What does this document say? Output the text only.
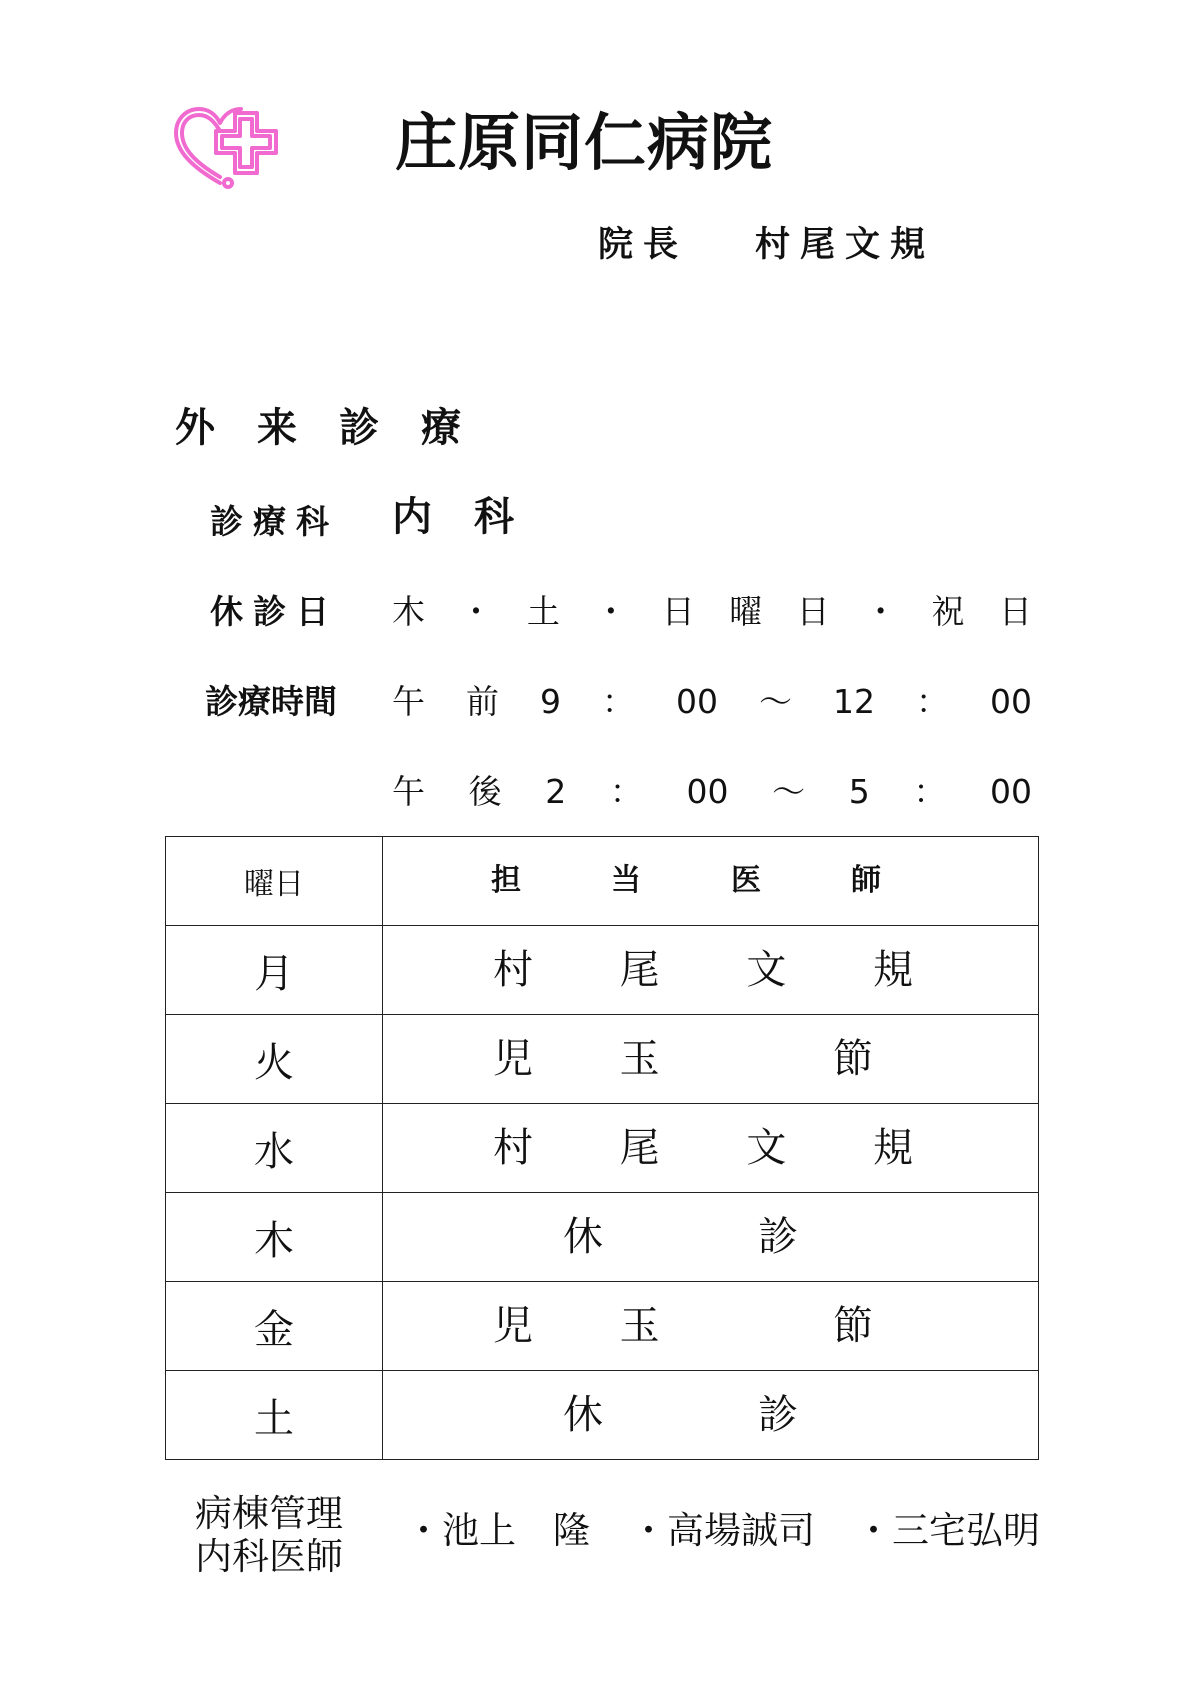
庄原同仁病院
院長 村尾文規
外来診療
診療科 内科
休診日 木 ・ 土 ・ 日 曜 日 ・ 祝 日
診療時間 午 前 9 ： 00 ～ 12 ： 00
午 後 2 ： 00 ～ 5 ： 00
曜日	担 当 医 師

月	村 尾 文 規

火	児 玉 節

水	村 尾 文 規

木	休 診

金	児 玉 節

土	休 診
病棟管理
内科医師
・池上　隆 ・高場誠司 ・三宅弘明
